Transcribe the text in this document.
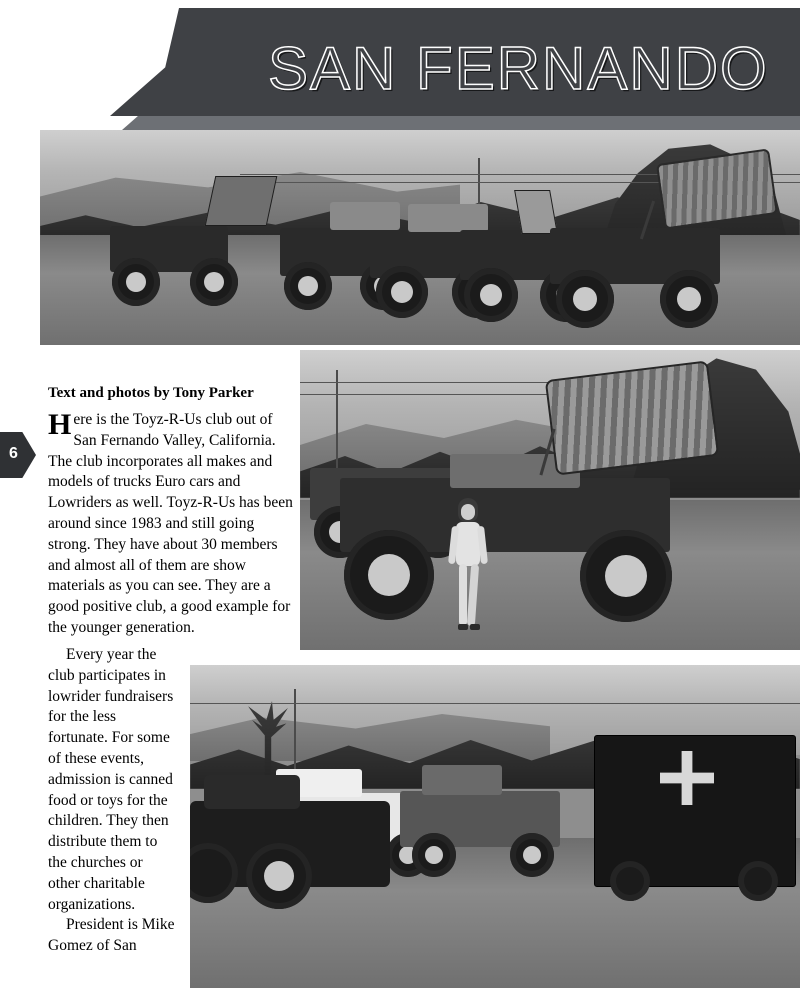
SAN FERNANDO
6
Text and photos by Tony Parker
Here is the Toyz-R-Us club out of San Fernando Valley, California. The club incorporates all makes and models of trucks Euro cars and Lowriders as well. Toyz-R-Us has been around since 1983 and still going strong. They have about 30 members and almost all of them are show materials as you can see. They are a good positive club, a good example for the younger generation.

Every year the club participates in lowrider fundraisers for the less fortunate. For some of these events, admission is canned food or toys for the children. They then distribute them to the churches or other charitable organizations.

President is Mike Gomez of San
